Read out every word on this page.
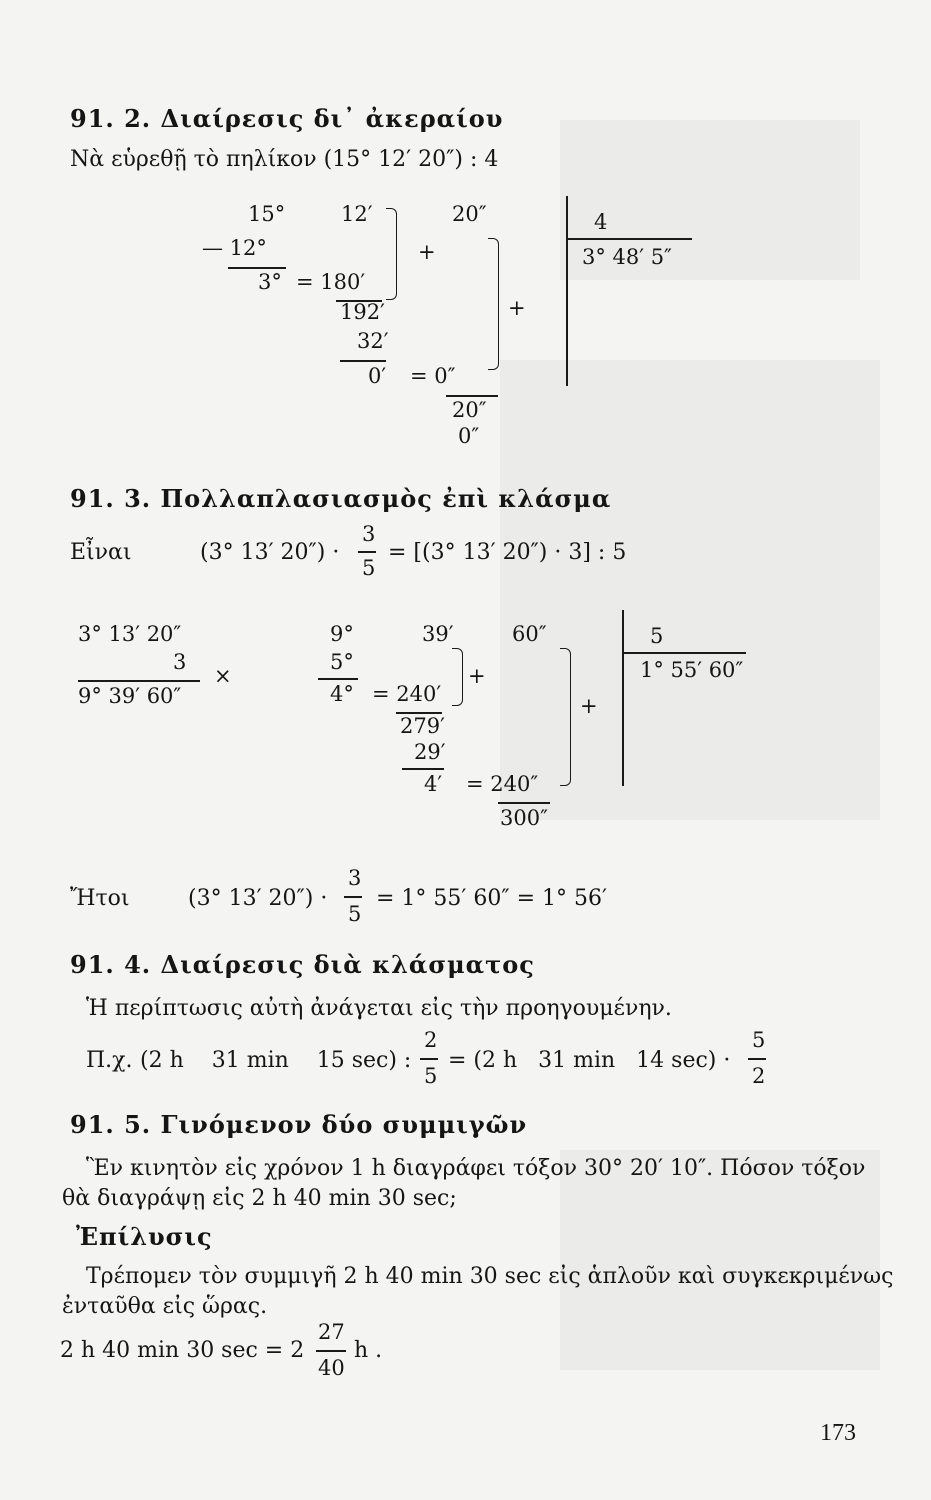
91. 2. Διαίρεσις δι᾽ ἀκεραίου
Νὰ εὑρεθῇ τὸ πηλίκον (15° 12′ 20″) : 4
15°	12′	20″
— 12°
3° = 180′
192′
32′
0′ = 0″
20″
0″
+
+
4
3° 48′ 5″
91. 3. Πολλαπλασιασμὸς ἐπὶ κλάσμα
Εἶναι	(3° 13′ 20″) ·
3
5
= [(3° 13′ 20″) · 3] : 5
3° 13′ 20″
3
×
9° 39′ 60″
9°	39′	60″
5°
4° = 240′
279′
29′
4′ = 240″
300″
+
+
5
1° 55′ 60″
Ἤτοι	(3° 13′ 20″) ·
3
5
= 1° 55′ 60″ = 1° 56′
91. 4. Διαίρεσις διὰ κλάσματος
Ἡ περίπτωσις αὐτὴ ἀνάγεται εἰς τὴν προηγουμένην.
Π.χ. (2 h    31 min    15 sec) :
2
5
= (2 h   31 min   14 sec) ·
5
2
91. 5. Γινόμενον δύο συμμιγῶν
Ἓν κινητὸν εἰς χρόνον 1 h διαγράφει τόξον 30° 20′ 10″. Πόσον τόξον
θὰ διαγράψῃ εἰς 2 h 40 min 30 sec;
Ἐπίλυσις
Τρέπομεν τὸν συμμιγῆ 2 h 40 min 30 sec εἰς ἁπλοῦν καὶ συγκεκριμένως
ἐνταῦθα εἰς ὥρας.
2 h 40 min 30 sec = 2
27
40
h .
173
